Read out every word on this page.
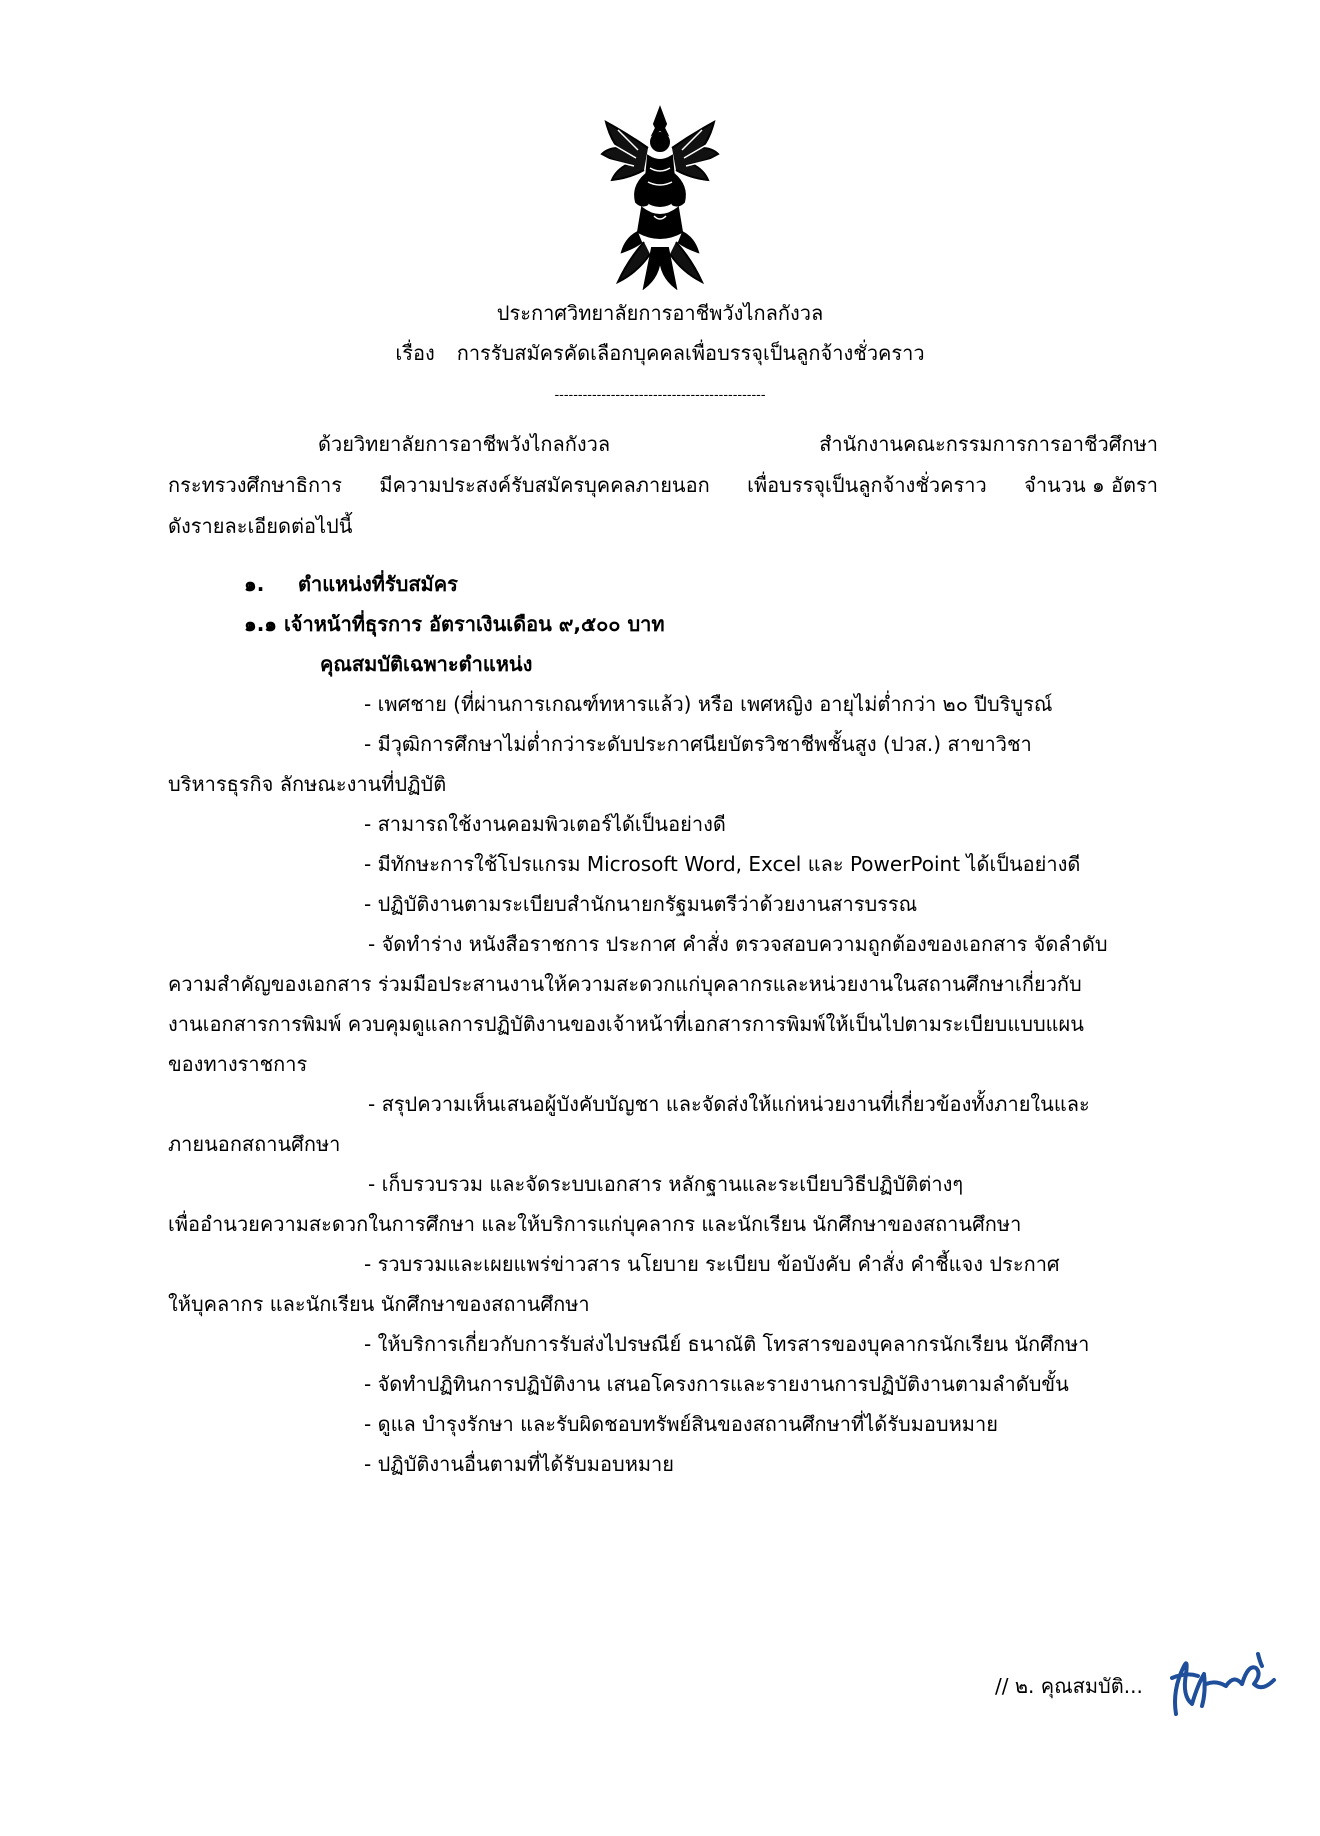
ประกาศวิทยาลัยการอาชีพวังไกลกังวล
เรื่อง การรับสมัครคัดเลือกบุคคลเพื่อบรรจุเป็นลูกจ้างชั่วคราว
---------------------------------------------
ด้วยวิทยาลัยการอาชีพวังไกลกังวล	สำนักงานคณะกรรมการการอาชีวศึกษา
กระทรวงศึกษาธิการ มีความประสงค์รับสมัครบุคคลภายนอก เพื่อบรรจุเป็นลูกจ้างชั่วคราว จำนวน ๑ อัตรา
ดังรายละเอียดต่อไปนี้
๑. ตำแหน่งที่รับสมัคร
๑.๑ เจ้าหน้าที่ธุรการ อัตราเงินเดือน ๙,๕๐๐ บาท
คุณสมบัติเฉพาะตำแหน่ง
- เพศชาย (ที่ผ่านการเกณฑ์ทหารแล้ว) หรือ เพศหญิง อายุไม่ต่ำกว่า ๒๐ ปีบริบูรณ์
- มีวุฒิการศึกษาไม่ต่ำกว่าระดับประกาศนียบัตรวิชาชีพชั้นสูง (ปวส.) สาขาวิชา
บริหารธุรกิจ ลักษณะงานที่ปฏิบัติ
- สามารถใช้งานคอมพิวเตอร์ได้เป็นอย่างดี
- มีทักษะการใช้โปรแกรม Microsoft Word, Excel และ PowerPoint ได้เป็นอย่างดี
- ปฏิบัติงานตามระเบียบสำนักนายกรัฐมนตรีว่าด้วยงานสารบรรณ
- จัดทำร่าง หนังสือราชการ ประกาศ คำสั่ง ตรวจสอบความถูกต้องของเอกสาร จัดลำดับ
ความสำคัญของเอกสาร ร่วมมือประสานงานให้ความสะดวกแก่บุคลากรและหน่วยงานในสถานศึกษาเกี่ยวกับ
งานเอกสารการพิมพ์ ควบคุมดูแลการปฏิบัติงานของเจ้าหน้าที่เอกสารการพิมพ์ให้เป็นไปตามระเบียบแบบแผน
ของทางราชการ
- สรุปความเห็นเสนอผู้บังคับบัญชา และจัดส่งให้แก่หน่วยงานที่เกี่ยวข้องทั้งภายในและ
ภายนอกสถานศึกษา
- เก็บรวบรวม และจัดระบบเอกสาร หลักฐานและระเบียบวิธีปฏิบัติต่างๆ
เพื่ออำนวยความสะดวกในการศึกษา และให้บริการแก่บุคลากร และนักเรียน นักศึกษาของสถานศึกษา
- รวบรวมและเผยแพร่ข่าวสาร นโยบาย ระเบียบ ข้อบังคับ คำสั่ง คำชี้แจง ประกาศ
ให้บุคลากร และนักเรียน นักศึกษาของสถานศึกษา
- ให้บริการเกี่ยวกับการรับส่งไปรษณีย์ ธนาณัติ โทรสารของบุคลากรนักเรียน นักศึกษา
- จัดทำปฏิทินการปฏิบัติงาน เสนอโครงการและรายงานการปฏิบัติงานตามลำดับขั้น
- ดูแล บำรุงรักษา และรับผิดชอบทรัพย์สินของสถานศึกษาที่ได้รับมอบหมาย
- ปฏิบัติงานอื่นตามที่ได้รับมอบหมาย
// ๒. คุณสมบัติ...
